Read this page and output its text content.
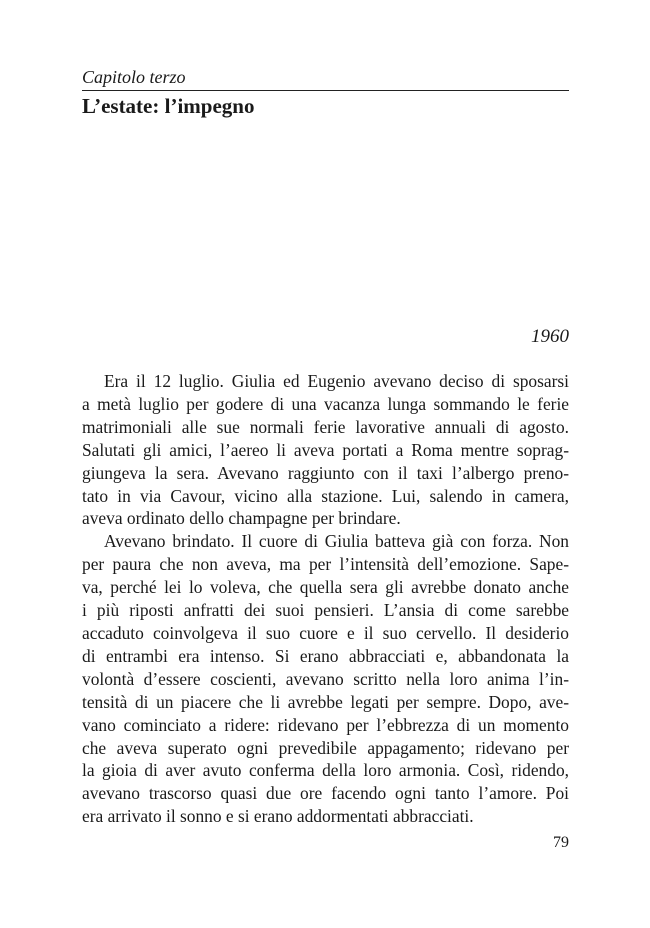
Capitolo terzo
L’estate: l’impegno
1960
Era il 12 luglio. Giulia ed Eugenio avevano deciso di sposarsi
a metà luglio per godere di una vacanza lunga sommando le ferie
matrimoniali alle sue normali ferie lavorative annuali di agosto.
Salutati gli amici, l’aereo li aveva portati a Roma mentre soprag-
giungeva la sera. Avevano raggiunto con il taxi l’albergo preno-
tato in via Cavour, vicino alla stazione. Lui, salendo in camera,
aveva ordinato dello champagne per brindare.
Avevano brindato. Il cuore di Giulia batteva già con forza. Non
per paura che non aveva, ma per l’intensità dell’emozione. Sape-
va, perché lei lo voleva, che quella sera gli avrebbe donato anche
i più riposti anfratti dei suoi pensieri. L’ansia di come sarebbe
accaduto coinvolgeva il suo cuore e il suo cervello. Il desiderio
di entrambi era intenso. Si erano abbracciati e, abbandonata la
volontà d’essere coscienti, avevano scritto nella loro anima l’in-
tensità di un piacere che li avrebbe legati per sempre. Dopo, ave-
vano cominciato a ridere: ridevano per l’ebbrezza di un momento
che aveva superato ogni prevedibile appagamento; ridevano per
la gioia di aver avuto conferma della loro armonia. Così, ridendo,
avevano trascorso quasi due ore facendo ogni tanto l’amore. Poi
era arrivato il sonno e si erano addormentati abbracciati.
79
